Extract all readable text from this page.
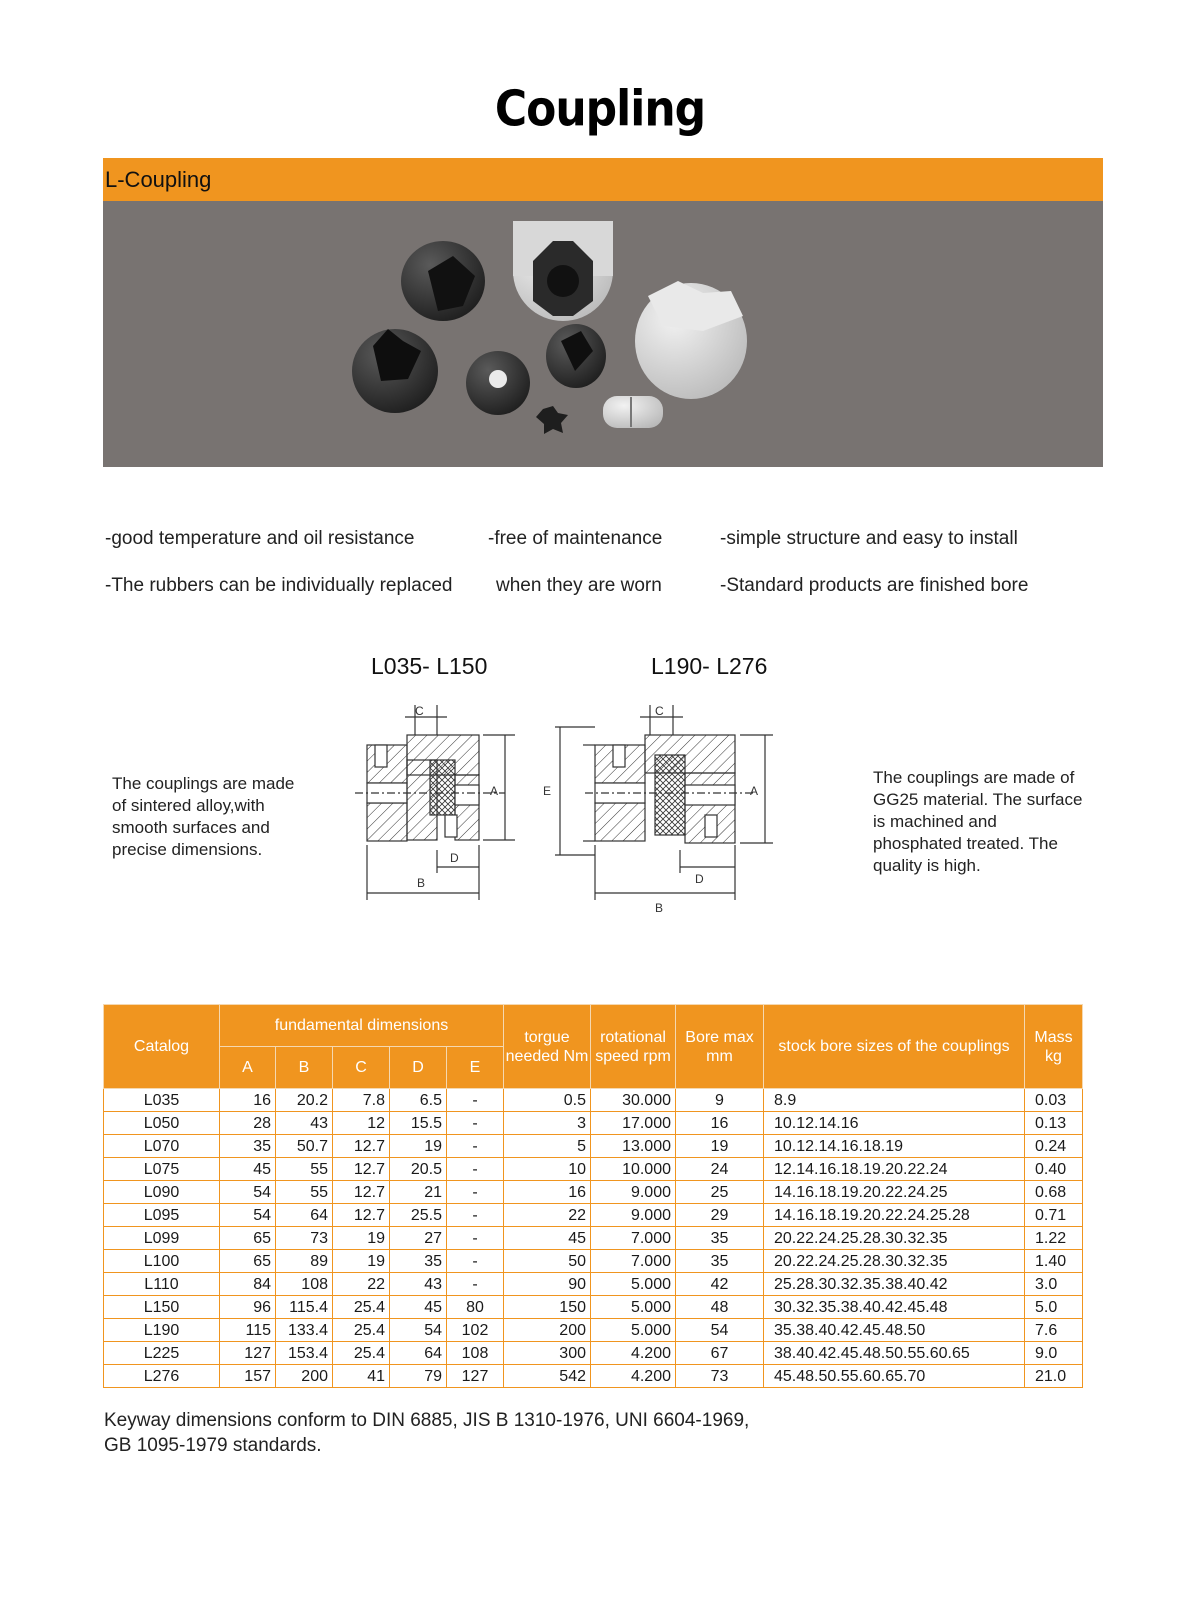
Coupling
L-Coupling
-good temperature and oil resistance	-free of maintenance	-simple structure and easy to install
-The rubbers can be individually replaced when they are worn	-Standard products are finished bore
L035- L150	L190- L276
C
A
B
D
C
A
E
B
D
The couplings are made of sintered alloy,with smooth surfaces and precise dimensions.
The couplings are made of GG25 material. The surface is machined and phosphated treated. The quality is high.
Catalog	fundamental dimensions					torgue needed Nm	rotational speed rpm	Bore max mm	stock bore sizes of the couplings	Mass kg
	A	B	C	D	E					
L035	16	20.2	7.8	6.5	-	0.5	30.000	9	8.9	0.03
L050	28	43	12	15.5	-	3	17.000	16	10.12.14.16	0.13
L070	35	50.7	12.7	19	-	5	13.000	19	10.12.14.16.18.19	0.24
L075	45	55	12.7	20.5	-	10	10.000	24	12.14.16.18.19.20.22.24	0.40
L090	54	55	12.7	21	-	16	9.000	25	14.16.18.19.20.22.24.25	0.68
L095	54	64	12.7	25.5	-	22	9.000	29	14.16.18.19.20.22.24.25.28	0.71
L099	65	73	19	27	-	45	7.000	35	20.22.24.25.28.30.32.35	1.22
L100	65	89	19	35	-	50	7.000	35	20.22.24.25.28.30.32.35	1.40
L110	84	108	22	43	-	90	5.000	42	25.28.30.32.35.38.40.42	3.0
L150	96	115.4	25.4	45	80	150	5.000	48	30.32.35.38.40.42.45.48	5.0
L190	115	133.4	25.4	54	102	200	5.000	54	35.38.40.42.45.48.50	7.6
L225	127	153.4	25.4	64	108	300	4.200	67	38.40.42.45.48.50.55.60.65	9.0
L276	157	200	41	79	127	542	4.200	73	45.48.50.55.60.65.70	21.0
Keyway dimensions conform to DIN 6885, JIS B 1310-1976, UNI 6604-1969,
GB 1095-1979 standards.
